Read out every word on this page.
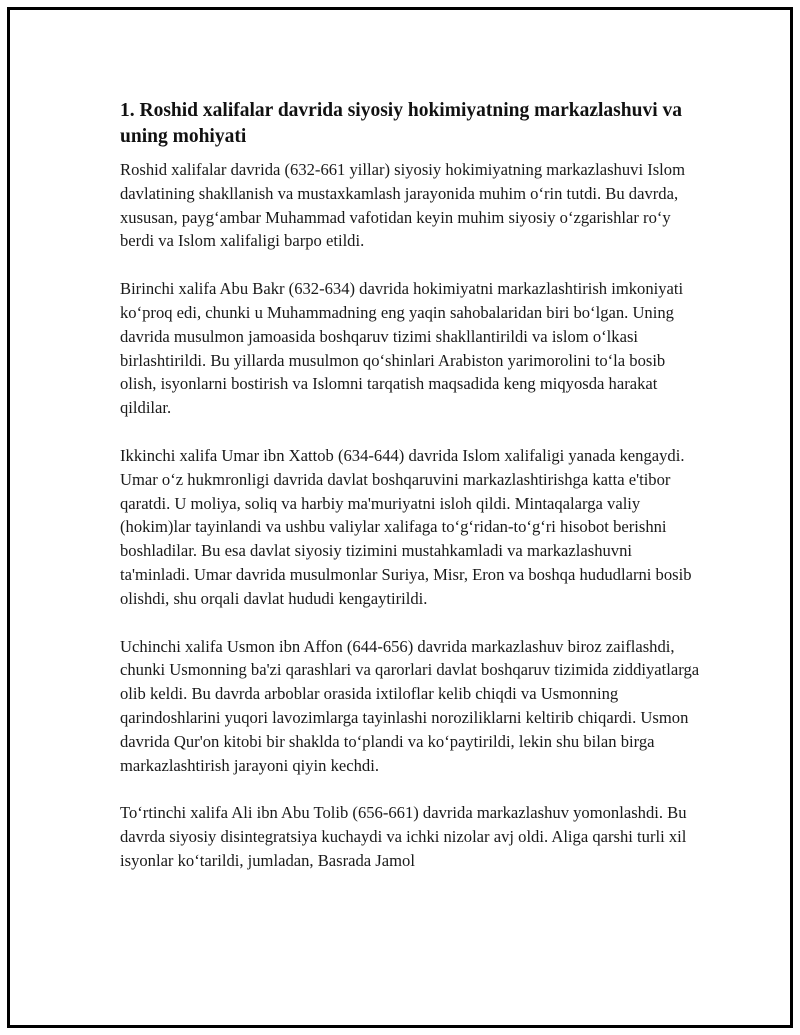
1. Roshid xalifalar davrida siyosiy hokimiyatning markazlashuvi va uning mohiyati

Roshid xalifalar davrida (632-661 yillar) siyosiy hokimiyatning markazlashuvi Islom davlatining shakllanish va mustaxkamlash jarayonida muhim oʻrin tutdi. Bu davrda, xususan, paygʻambar Muhammad vafotidan keyin muhim siyosiy oʻzgarishlar roʻy berdi va Islom xalifaligi barpo etildi.

Birinchi xalifa Abu Bakr (632-634) davrida hokimiyatni markazlashtirish imkoniyati koʻproq edi, chunki u Muhammadning eng yaqin sahobalaridan biri boʻlgan. Uning davrida musulmon jamoasida boshqaruv tizimi shakllantirildi va islom oʻlkasi birlashtirildi. Bu yillarda musulmon qoʻshinlari Arabiston yarimorolini toʻla bosib olish, isyonlarni bostirish va Islomni tarqatish maqsadida keng miqyosda harakat qildilar.

Ikkinchi xalifa Umar ibn Xattob (634-644) davrida Islom xalifaligi yanada kengaydi. Umar oʻz hukmronligi davrida davlat boshqaruvini markazlashtirishga katta e'tibor qaratdi. U moliya, soliq va harbiy ma'muriyatni isloh qildi. Mintaqalarga valiy (hokim)lar tayinlandi va ushbu valiylar xalifaga toʻgʻridan-toʻgʻri hisobot berishni boshladilar. Bu esa davlat siyosiy tizimini mustahkamladi va markazlashuvni ta'minladi. Umar davrida musulmonlar Suriya, Misr, Eron va boshqa hududlarni bosib olishdi, shu orqali davlat hududi kengaytirildi.

Uchinchi xalifa Usmon ibn Affon (644-656) davrida markazlashuv biroz zaiflashdi, chunki Usmonning ba'zi qarashlari va qarorlari davlat boshqaruv tizimida ziddiyatlarga olib keldi. Bu davrda arboblar orasida ixtiloflar kelib chiqdi va Usmonning qarindoshlarini yuqori lavozimlarga tayinlashi noroziliklarni keltirib chiqardi. Usmon davrida Qur'on kitobi bir shaklda toʻplandi va koʻpaytirildi, lekin shu bilan birga markazlashtirish jarayoni qiyin kechdi.

Toʻrtinchi xalifa Ali ibn Abu Tolib (656-661) davrida markazlashuv yomonlashdi. Bu davrda siyosiy disintegratsiya kuchaydi va ichki nizolar avj oldi. Aliga qarshi turli xil isyonlar koʻtarildi, jumladan, Basrada Jamol
